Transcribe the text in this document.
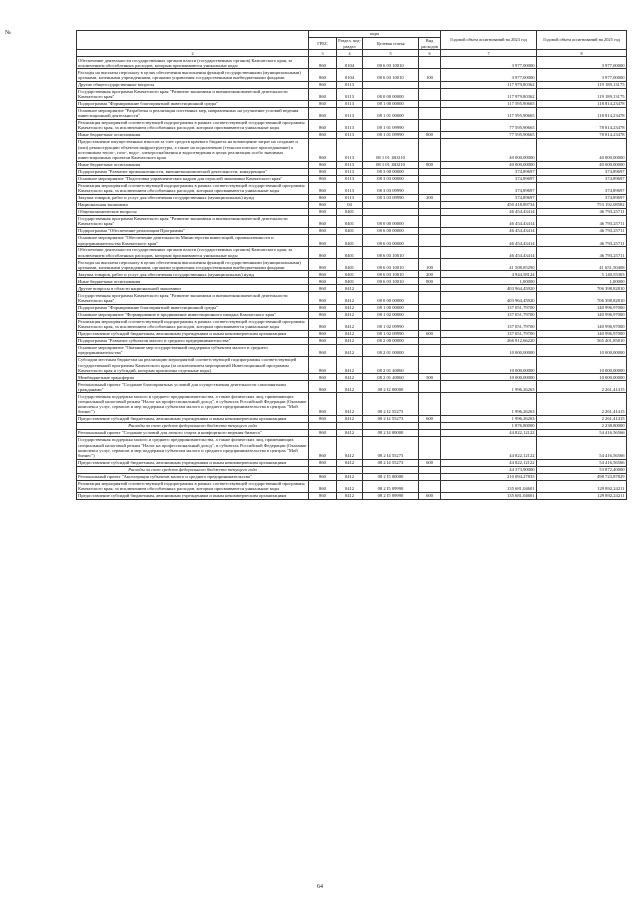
	коды				Годовой объем ассигнований на 2023 год	Годовой объем ассигнований на 2025 год
	ГРБС	Раздел, под-раздел	Целевая статья	Вид расходов		
2	3	4	5	6	7	8
Обеспечение деятельности государственных органов власти (государственных органов) Камчатского края, за исключением обособленных расходов, которым присваиваются уникальные коды	860	0104	08 6 03 10010		3 977,00000	3 977,00000
Расходы на выплаты персоналу в целях обеспечения выполнения функций государственными (муниципальными) органами, казенными учреждениями, органами управления государственными внебюджетными фондами	860	0104	08 6 03 10010	100	3 977,00000	3 977,00000
Другие общегосударственные вопросы	860	0113			117 979,80362	119 189,13175
Государственная программа Камчатского края "Развитие экономики и внешнеэкономической деятельности Камчатского края"	860	0113	08 0 00 00000		117 979,80362	119 189,13175
Подпрограмма "Формирование благоприятной инвестиционной среды"	860	0113	08 1 00 00000		117 595,90665	118 814,23478
Основное мероприятие "Разработка и реализация системных мер, направленных на улучшение условий ведения инвестиционной деятельности"	860	0113	08 1 01 00000		117 595,90665	118 814,23478
Реализация мероприятий соответствующей подпрограммы в рамках соответствующей государственной программы Камчатского края, за исключением обособленных расходов, которым присваиваются уникальные коды	860	0113	08 1 01 09990		77 595,90665	78 814,23478
Иные бюджетные ассигнования	860	0113	08 1 01 09990	800	77 595,90665	78 814,23478
Предоставление имущественных взносов за счет средств краевого бюджета на возмещение затрат на создание и (или) реконструкцию объектов инфраструктуры, а также на подключение (технологическое присоединение) к источникам тепло-, газо-, водо-, электроснабжения и водоотведения в целях реализации особо значимых инвестиционных проектов Камчатского края	860	0113	08 1 01 1Ю210		40 000,00000	40 000,00000
Иные бюджетные ассигнования	860	0113	08 1 01 1Ю210	800	40 000,00000	40 000,00000
Подпрограмма "Развитие промышленности, внешнеэкономической деятельности, конкуренции"	860	0113	08 3 00 00000		374,89697	374,89697
Основное мероприятие "Подготовка управленческих кадров для отраслей экономики Камчатского края"	860	0113	08 3 03 00000		374,89697	374,89697
Реализация мероприятий соответствующей подпрограммы в рамках соответствующей государственной программы Камчатского края, за исключением обособленных расходов, которым присваиваются уникальные коды	860	0113	08 3 03 09990		374,89697	374,89697
Закупка товаров, работ и услуг для обеспечения государственных (муниципальных) нужд	860	0113	08 3 03 09990	200	374,89697	374,89697
Национальная экономика	860	04			450 418,89734	753 192,08582
Общеэкономические вопросы	860	0401			46 454,43414	46 793,25711
Государственная программа Камчатского края "Развитие экономики и внешнеэкономической деятельности Камчатского края"	860	0401	08 0 00 00000		46 454,43414	46 793,25711
Подпрограмма "Обеспечение реализации Программы"	860	0401	08 6 00 00000		46 454,43414	46 793,25711
Основное мероприятие "Обеспечение деятельности Министерства инвестиций, промышленности и предпринимательства Камчатского края"	860	0401	08 6 03 00000		46 454,43414	46 793,25711
Обеспечение деятельности государственных органов власти (государственных органов) Камчатского края, за исключением обособленных расходов, которым присваиваются уникальные коды	860	0401	08 6 03 10010		46 454,43414	46 793,25711
Расходы на выплаты персоналу в целях обеспечения выполнения функций государственными (муниципальными) органами, казенными учреждениями, органами управления государственными внебюджетными фондами	860	0401	08 6 03 10010	100	41 508,85290	41 651,50408
Закупка товаров, работ и услуг для обеспечения государственных (муниципальных) нужд	860	0401	08 6 03 10010	200	4 944,58124	5 140,55303
Иные бюджетные ассигнования	860	0401	08 6 03 10010	800	1,00000	1,00000
Другие вопросы в области национальной экономики	860	0412			403 964,45920	706 398,82810
Государственная программа Камчатского края "Развитие экономики и внешнеэкономической деятельности Камчатского края"	860	0412	08 0 00 00000		403 964,45920	706 398,82810
Подпрограмма "Формирование благоприятной инвестиционной среды"	860	0412	08 1 00 00000		137 051,79700	140 996,97000
Основное мероприятие "Формирование и продвижение инвестиционного имиджа Камчатского края"	860	0412	08 1 02 00000		137 051,79700	140 996,97000
Реализация мероприятий соответствующей подпрограммы в рамках соответствующей государственной программы Камчатского края, за исключением обособленных расходов, которым присваиваются уникальные коды	860	0412	08 1 02 09990		137 051,79700	140 996,97000
Предоставление субсидий бюджетным, автономным учреждениям и иным некоммерческим организациям	860	0412	08 1 02 09990	600	137 051,79700	140 996,97000
Подпрограмма "Развитие субъектов малого и среднего предпринимательства"	860	0412	08 2 00 00000		266 912,66220	565 401,85810
Основное мероприятие "Оказание мер государственной поддержки субъектам малого и среднего предпринимательства"	860	0412	08 2 01 00000		10 000,00000	10 000,00000
Субсидии местным бюджетам на реализацию мероприятий соответствующей подпрограммы соответствующей государственной программы Камчатского края (за исключением мероприятий Инвестиционной программы Камчатского края и субсидий, которым присвоены отдельные коды)	860	0412	08 2 01 40060		10 000,00000	10 000,00000
Межбюджетные трансферты	860	0412	08 2 01 40060	500	10 000,00000	10 000,00000
Региональный проект "Создание благоприятных условий для осуществления деятельности самозанятыми гражданами"	860	0412	08 2 I2 00000		1 996,26263	2 261,41415
Государственная поддержка малого и среднего предпринимательства, а также физических лиц, применяющих специальный налоговый режим "Налог на профессиональный доход", в субъектах Российской Федерации (Оказание комплекса услуг, сервисов и мер поддержки субъектам малого и среднего предпринимательства в центрах "Мой бизнес")	860	0412	08 2 I2 55273		1 996,26263	2 261,41415
Предоставление субсидий бюджетным, автономным учреждениям и иным некоммерческим организациям	860	0412	08 2 I2 55273	600	1 996,26263	2 261,41415
Расходы за счет средств федерального бюджета текущего года					1 876,80000	2 238,80000
Региональный проект "Создание условий для легкого старта и комфортного ведения бизнеса"	860	0412	08 2 I4 00000		44 822,12122	54 416,56566
Государственная поддержка малого и среднего предпринимательства, а также физических лиц, применяющих специальный налоговый режим "Налог на профессиональный доход", в субъектах Российской Федерации (Оказание комплекса услуг, сервисов и мер поддержки субъектам малого и среднего предпринимательства в центрах "Мой бизнес")	860	0412	08 2 I4 55273		44 822,12122	54 416,56566
Предоставление субсидий бюджетным, автономным учреждениям и иным некоммерческим организациям	860	0412	08 2 I4 55273	600	44 822,12122	54 416,56566
Расходы за счет средств федерального бюджета текущего года					44 373,90000	53 872,40000
Региональный проект "Акселерация субъектов малого и среднего предпринимательства"	860	0412	08 2 I5 00000		210 094,27835	498 723,87829
Реализация мероприятий соответствующей подпрограммы в рамках соответствующей государственной программы Камчатского края, за исключением обособленных расходов, которым присваиваются уникальные коды	860	0412	08 2 I5 09990		135 681,04601	129 892,24211
Предоставление субсидий бюджетным, автономным учреждениям и иным некоммерческим организациям	860	0412	08 2 I5 09990	600	135 681,04601	129 892,24211
№
64
